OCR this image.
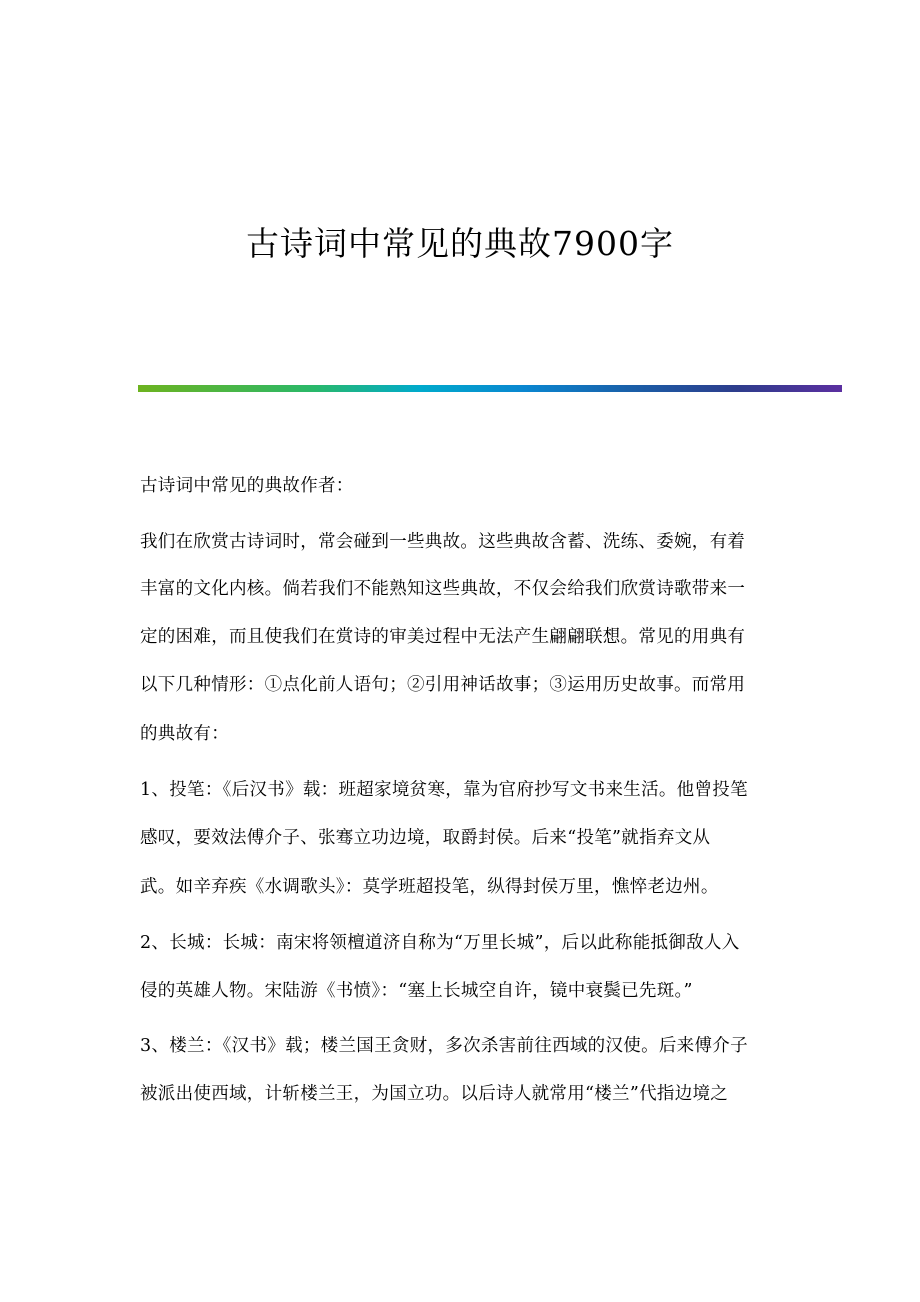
古诗词中常见的典故7900字
古诗词中常见的典故作者：
我们在欣赏古诗词时，常会碰到一些典故。这些典故含蓄、洗练、委婉，有着
丰富的文化内核。倘若我们不能熟知这些典故，不仅会给我们欣赏诗歌带来一
定的困难，而且使我们在赏诗的审美过程中无法产生翩翩联想。常见的用典有
以下几种情形：①点化前人语句；②引用神话故事；③运用历史故事。而常用
的典故有：
1、投笔：《后汉书》载：班超家境贫寒，靠为官府抄写文书来生活。他曾投笔
感叹，要效法傅介子、张骞立功边境，取爵封侯。后来“投笔”就指弃文从
武。如辛弃疾《水调歌头》：莫学班超投笔，纵得封侯万里，憔悴老边州。
2、长城：长城：南宋将领檀道济自称为“万里长城”，后以此称能抵御敌人入
侵的英雄人物。宋陆游《书愤》：“塞上长城空自许，镜中衰鬓已先斑。”
3、楼兰：《汉书》载；楼兰国王贪财，多次杀害前往西域的汉使。后来傅介子
被派出使西域，计斩楼兰王，为国立功。以后诗人就常用“楼兰”代指边境之
